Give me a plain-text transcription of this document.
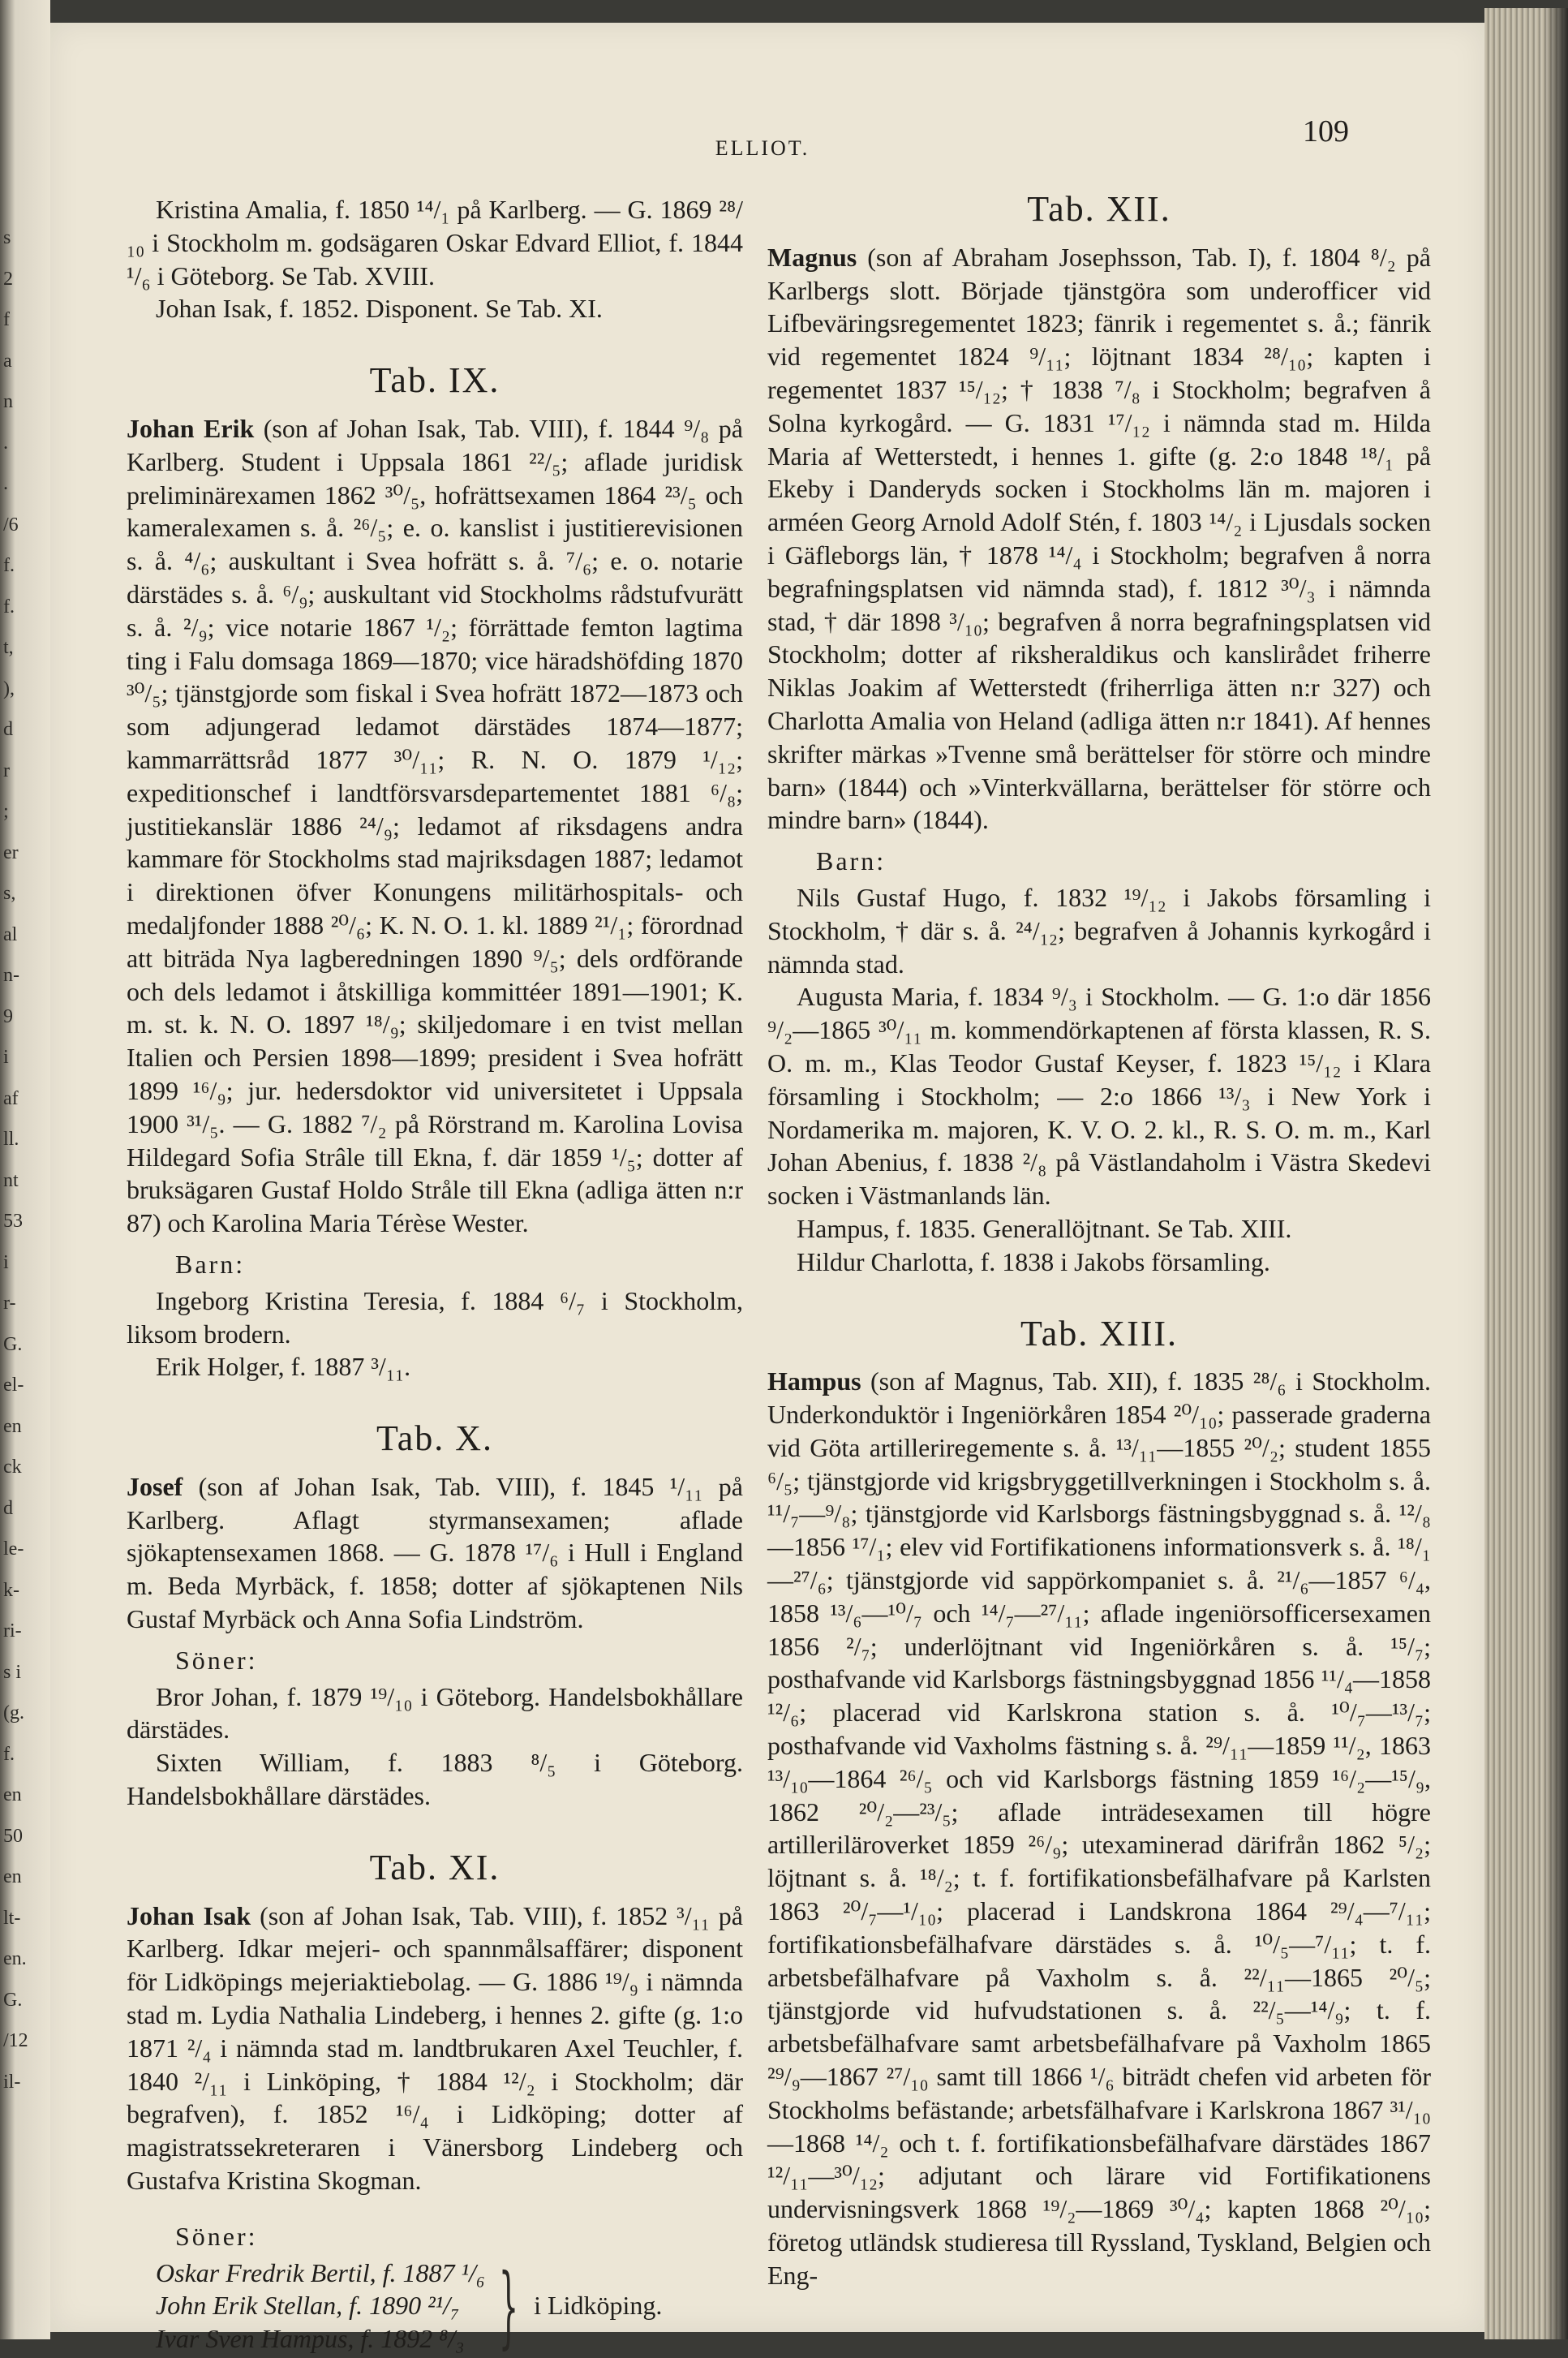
s
2
f
a
n
.
.
/6
f.
f.
t,
),
d
r
;
er
s,
al
n-
9
i
af
ll.
nt
53
i
r-
G.
el-
en
ck
d
le-
k-
ri-
s i
(g.
f.
en
50
en
lt-
en.
G.
/12
il-
ELLIOT.	109

Kristina Amalia, f. 1850 ¹⁴/₁ på Karlberg. — G. 1869 ²⁸/₁₀ i Stockholm m. godsägaren Oskar Edvard Elliot, f. 1844 ¹/₆ i Göteborg. Se Tab. XVIII.

Johan Isak, f. 1852. Disponent. Se Tab. XI.

Tab. IX.

Johan Erik (son af Johan Isak, Tab. VIII), f. 1844 ⁹/₈ på Karlberg. Student i Uppsala 1861 ²²/₅; aflade juridisk preliminärexamen 1862 ³⁰/₅, hofrättsexamen 1864 ²³/₅ och kameralexamen s. å. ²⁶/₅; e. o. kanslist i justitierevisionen s. å. ⁴/₆; auskultant i Svea hofrätt s. å. ⁷/₆; e. o. notarie därstädes s. å. ⁶/₉; auskultant vid Stockholms rådstufvurätt s. å. ²/₉; vice notarie 1867 ¹/₂; förrättade femton lagtima ting i Falu domsaga 1869—1870; vice häradshöfding 1870 ³⁰/₅; tjänstgjorde som fiskal i Svea hofrätt 1872—1873 och som adjungerad ledamot därstädes 1874—1877; kammarrättsråd 1877 ³⁰/₁₁; R. N. O. 1879 ¹/₁₂; expeditionschef i landtförsvarsdepartementet 1881 ⁶/₈; justitiekanslär 1886 ²⁴/₉; ledamot af riksdagens andra kammare för Stockholms stad majriksdagen 1887; ledamot i direktionen öfver Konungens militärhospitals- och medaljfonder 1888 ²⁰/₆; K. N. O. 1. kl. 1889 ²¹/₁; förordnad att biträda Nya lagberedningen 1890 ⁹/₅; dels ordförande och dels ledamot i åtskilliga kommittéer 1891—1901; K. m. st. k. N. O. 1897 ¹⁸/₉; skiljedomare i en tvist mellan Italien och Persien 1898—1899; president i Svea hofrätt 1899 ¹⁶/₉; jur. hedersdoktor vid universitetet i Uppsala 1900 ³¹/₅. — G. 1882 ⁷/₂ på Rörstrand m. Karolina Lovisa Hildegard Sofia Strâle till Ekna, f. där 1859 ¹/₅; dotter af bruksägaren Gustaf Holdo Stråle till Ekna (adliga ätten n:r 87) och Karolina Maria Térèse Wester.

Barn:

Ingeborg Kristina Teresia, f. 1884 ⁶/₇ i Stockholm, liksom brodern.

Erik Holger, f. 1887 ³/₁₁.

Tab. X.

Josef (son af Johan Isak, Tab. VIII), f. 1845 ¹/₁₁ på Karlberg. Aflagt styrmansexamen; aflade sjökaptensexamen 1868. — G. 1878 ¹⁷/₆ i Hull i England m. Beda Myrbäck, f. 1858; dotter af sjökaptenen Nils Gustaf Myrbäck och Anna Sofia Lindström.

Söner:

Bror Johan, f. 1879 ¹⁹/₁₀ i Göteborg. Handelsbokhållare därstädes.

Sixten William, f. 1883 ⁸/₅ i Göteborg. Handelsbokhållare därstädes.

Tab. XI.

Johan Isak (son af Johan Isak, Tab. VIII), f. 1852 ³/₁₁ på Karlberg. Idkar mejeri- och spannmålsaffärer; disponent för Lidköpings mejeriaktiebolag. — G. 1886 ¹⁹/₉ i nämnda stad m. Lydia Nathalia Lindeberg, i hennes 2. gifte (g. 1:o 1871 ²/₄ i nämnda stad m. landtbrukaren Axel Teuchler, f. 1840 ²/₁₁ i Linköping, † 1884 ¹²/₂ i Stockholm; där begrafven), f. 1852 ¹⁶/₄ i Lidköping; dotter af magistratssekreteraren i Vänersborg Lindeberg och Gustafva Kristina Skogman.

Söner:
Oskar Fredrik Bertil, f. 1887 ¹/₆
John Erik Stellan, f. 1890 ²¹/₇
Ivar Sven Hampus, f. 1892 ⁸/₃ } i Lidköping.
Tab. XII.

Magnus (son af Abraham Josephsson, Tab. I), f. 1804 ⁸/₂ på Karlbergs slott. Började tjänstgöra som underofficer vid Lifbeväringsregementet 1823; fänrik i regementet s. å.; fänrik vid regementet 1824 ⁹/₁₁; löjtnant 1834 ²⁸/₁₀; kapten i regementet 1837 ¹⁵/₁₂; † 1838 ⁷/₈ i Stockholm; begrafven å Solna kyrkogård. — G. 1831 ¹⁷/₁₂ i nämnda stad m. Hilda Maria af Wetterstedt, i hennes 1. gifte (g. 2:o 1848 ¹⁸/₁ på Ekeby i Danderyds socken i Stockholms län m. majoren i arméen Georg Arnold Adolf Stén, f. 1803 ¹⁴/₂ i Ljusdals socken i Gäfleborgs län, † 1878 ¹⁴/₄ i Stockholm; begrafven å norra begrafningsplatsen vid nämnda stad), f. 1812 ³⁰/₃ i nämnda stad, † där 1898 ³/₁₀; begrafven å norra begrafningsplatsen vid Stockholm; dotter af riksheraldikus och kanslirådet friherre Niklas Joakim af Wetterstedt (friherrliga ätten n:r 327) och Charlotta Amalia von Heland (adliga ätten n:r 1841). Af hennes skrifter märkas »Tvenne små berättelser för större och mindre barn» (1844) och »Vinterkvällarna, berättelser för större och mindre barn» (1844).

Barn:

Nils Gustaf Hugo, f. 1832 ¹⁹/₁₂ i Jakobs församling i Stockholm, † där s. å. ²⁴/₁₂; begrafven å Johannis kyrkogård i nämnda stad.

Augusta Maria, f. 1834 ⁹/₃ i Stockholm. — G. 1:o där 1856 ⁹/₂—1865 ³⁰/₁₁ m. kommendörkaptenen af första klassen, R. S. O. m. m., Klas Teodor Gustaf Keyser, f. 1823 ¹⁵/₁₂ i Klara församling i Stockholm; — 2:o 1866 ¹³/₃ i New York i Nordamerika m. majoren, K. V. O. 2. kl., R. S. O. m. m., Karl Johan Abenius, f. 1838 ²/₈ på Västlandaholm i Västra Skedevi socken i Västmanlands län.

Hampus, f. 1835. Generallöjtnant. Se Tab. XIII.

Hildur Charlotta, f. 1838 i Jakobs församling.

Tab. XIII.

Hampus (son af Magnus, Tab. XII), f. 1835 ²⁸/₆ i Stockholm. Underkonduktör i Ingeniörkåren 1854 ²⁰/₁₀; passerade graderna vid Göta artilleriregemente s. å. ¹³/₁₁—1855 ²⁰/₂; student 1855 ⁶/₅; tjänstgjorde vid krigsbryggetillverkningen i Stockholm s. å. ¹¹/₇—⁹/₈; tjänstgjorde vid Karlsborgs fästningsbyggnad s. å. ¹²/₈—1856 ¹⁷/₁; elev vid Fortifikationens informationsverk s. å. ¹⁸/₁—²⁷/₆; tjänstgjorde vid sappörkompaniet s. å. ²¹/₆—1857 ⁶/₄, 1858 ¹³/₆—¹⁰/₇ och ¹⁴/₇—²⁷/₁₁; aflade ingeniörsofficersexamen 1856 ²/₇; underlöjtnant vid Ingeniörkåren s. å. ¹⁵/₇; posthafvande vid Karlsborgs fästningsbyggnad 1856 ¹¹/₄—1858 ¹²/₆; placerad vid Karlskrona station s. å. ¹⁰/₇—¹³/₇; posthafvande vid Vaxholms fästning s. å. ²⁹/₁₁—1859 ¹¹/₂, 1863 ¹³/₁₀—1864 ²⁶/₅ och vid Karlsborgs fästning 1859 ¹⁶/₂—¹⁵/₉, 1862 ²⁰/₂—²³/₅; aflade inträdesexamen till högre artilleriläroverket 1859 ²⁶/₉; utexaminerad därifrån 1862 ⁵/₂; löjtnant s. å. ¹⁸/₂; t. f. fortifikationsbefälhafvare på Karlsten 1863 ²⁰/₇—¹/₁₀; placerad i Landskrona 1864 ²⁹/₄—⁷/₁₁; fortifikationsbefälhafvare därstädes s. å. ¹⁰/₅—⁷/₁₁; t. f. arbetsbefälhafvare på Vaxholm s. å. ²²/₁₁—1865 ²⁰/₅; tjänstgjorde vid hufvudstationen s. å. ²²/₅—¹⁴/₉; t. f. arbetsbefälhafvare samt arbetsbefälhafvare på Vaxholm 1865 ²⁹/₉—1867 ²⁷/₁₀ samt till 1866 ¹/₆ biträdt chefen vid arbeten för Stockholms befästande; arbetsfälhafvare i Karlskrona 1867 ³¹/₁₀—1868 ¹⁴/₂ och t. f. fortifikationsbefälhafvare därstädes 1867 ¹²/₁₁—³⁰/₁₂; adjutant och lärare vid Fortifikationens undervisningsverk 1868 ¹⁹/₂—1869 ³⁰/₄; kapten 1868 ²⁰/₁₀; företog utländsk studieresa till Ryssland, Tyskland, Belgien och Eng-
